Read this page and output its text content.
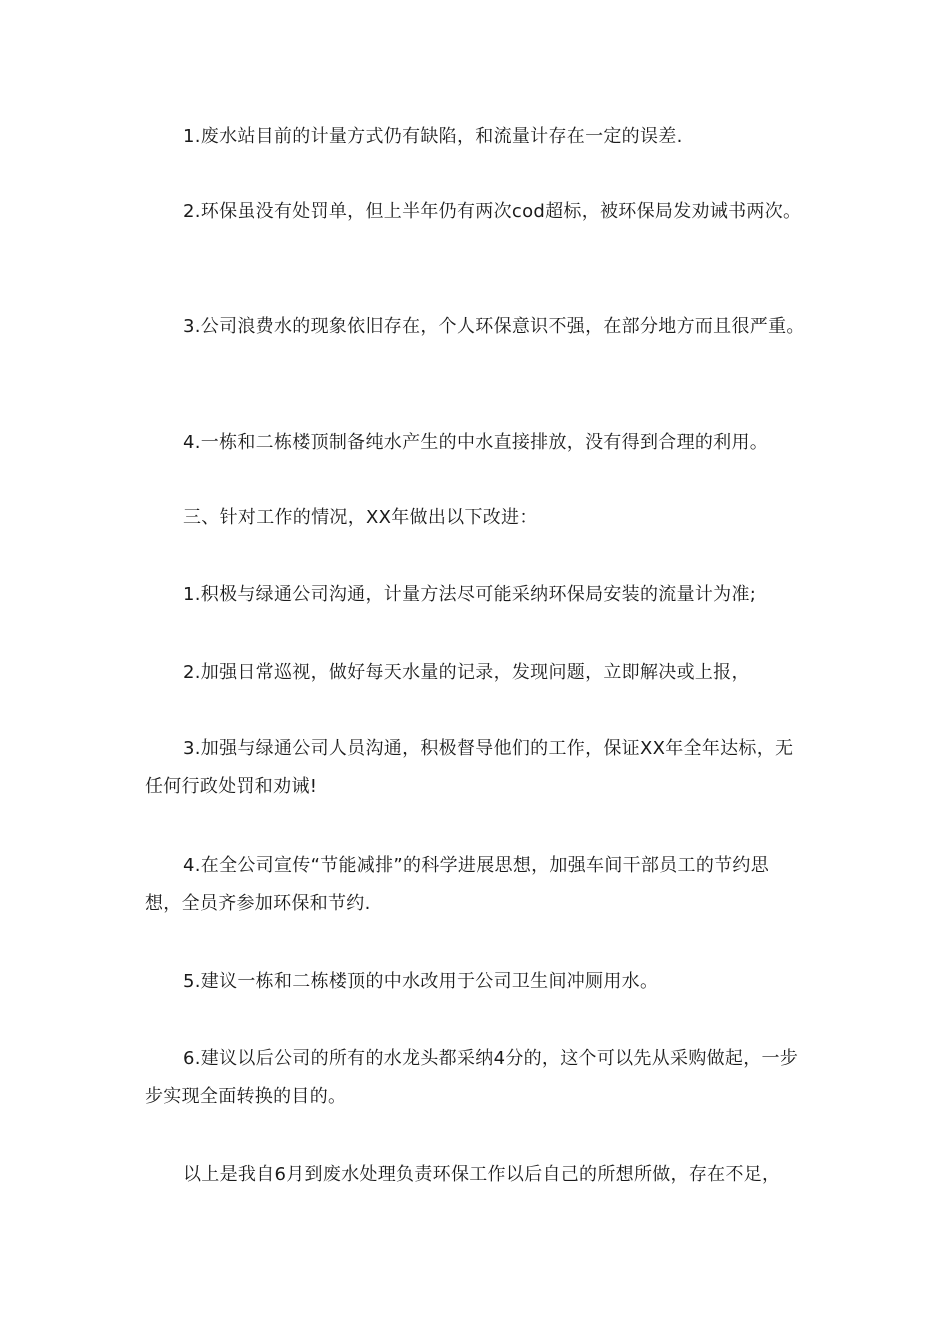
1.废水站目前的计量方式仍有缺陷，和流量计存在一定的误差.

2.环保虽没有处罚单，但上半年仍有两次cod超标，被环保局发劝诫书两次。

3.公司浪费水的现象依旧存在，个人环保意识不强，在部分地方而且很严重。

4.一栋和二栋楼顶制备纯水产生的中水直接排放，没有得到合理的利用。

三、针对工作的情况，XX年做出以下改进：

1.积极与绿通公司沟通，计量方法尽可能采纳环保局安装的流量计为准;

2.加强日常巡视，做好每天水量的记录，发现问题，立即解决或上报，

3.加强与绿通公司人员沟通，积极督导他们的工作，保证XX年全年达标，无任何行政处罚和劝诫!

4.在全公司宣传“节能减排”的科学进展思想，加强车间干部员工的节约思想，全员齐参加环保和节约.

5.建议一栋和二栋楼顶的中水改用于公司卫生间冲厕用水。

6.建议以后公司的所有的水龙头都采纳4分的，这个可以先从采购做起，一步步实现全面转换的目的。

以上是我自6月到废水处理负责环保工作以后自己的所想所做，存在不足，
